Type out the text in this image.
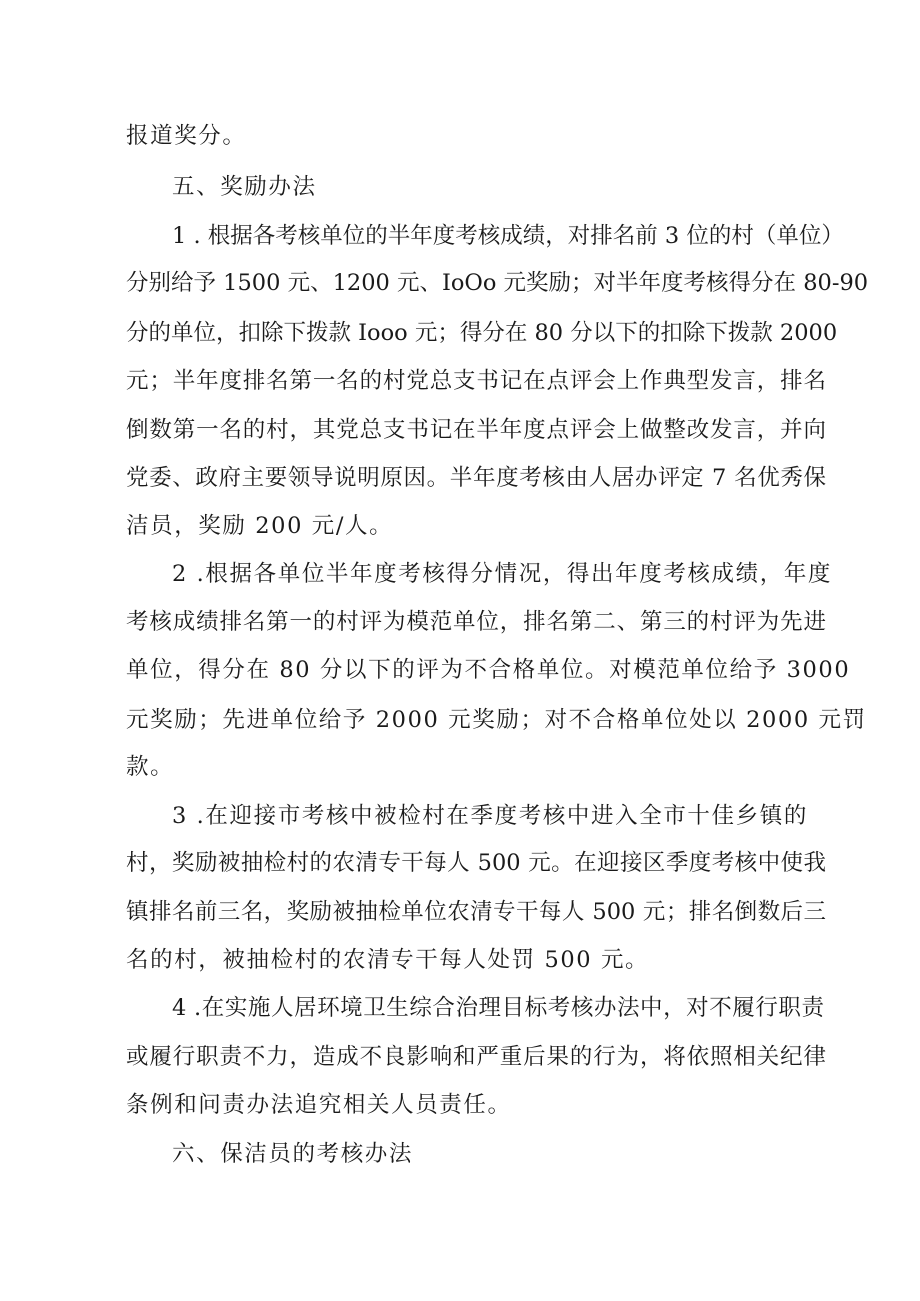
报道奖分。
五、奖励办法
1 . 根据各考核单位的半年度考核成绩，对排名前 3 位的村（单位）
分别给予 1500 元、1200 元、IoOo 元奖励；对半年度考核得分在 80-90
分的单位，扣除下拨款 Iooo 元；得分在 80 分以下的扣除下拨款 2000
元；半年度排名第一名的村党总支书记在点评会上作典型发言，排名
倒数第一名的村，其党总支书记在半年度点评会上做整改发言，并向
党委、政府主要领导说明原因。半年度考核由人居办评定 7 名优秀保
洁员，奖励 200 元/人。
2 .根据各单位半年度考核得分情况，得出年度考核成绩，年度
考核成绩排名第一的村评为模范单位，排名第二、第三的村评为先进
单位，得分在 80 分以下的评为不合格单位。对模范单位给予 3000
元奖励；先进单位给予 2000 元奖励；对不合格单位处以 2000 元罚
款。
3 .在迎接市考核中被检村在季度考核中进入全市十佳乡镇的
村，奖励被抽检村的农清专干每人 500 元。在迎接区季度考核中使我
镇排名前三名，奖励被抽检单位农清专干每人 500 元；排名倒数后三
名的村，被抽检村的农清专干每人处罚 500 元。
4 .在实施人居环境卫生综合治理目标考核办法中，对不履行职责
或履行职责不力，造成不良影响和严重后果的行为，将依照相关纪律
条例和问责办法追究相关人员责任。
六、保洁员的考核办法
